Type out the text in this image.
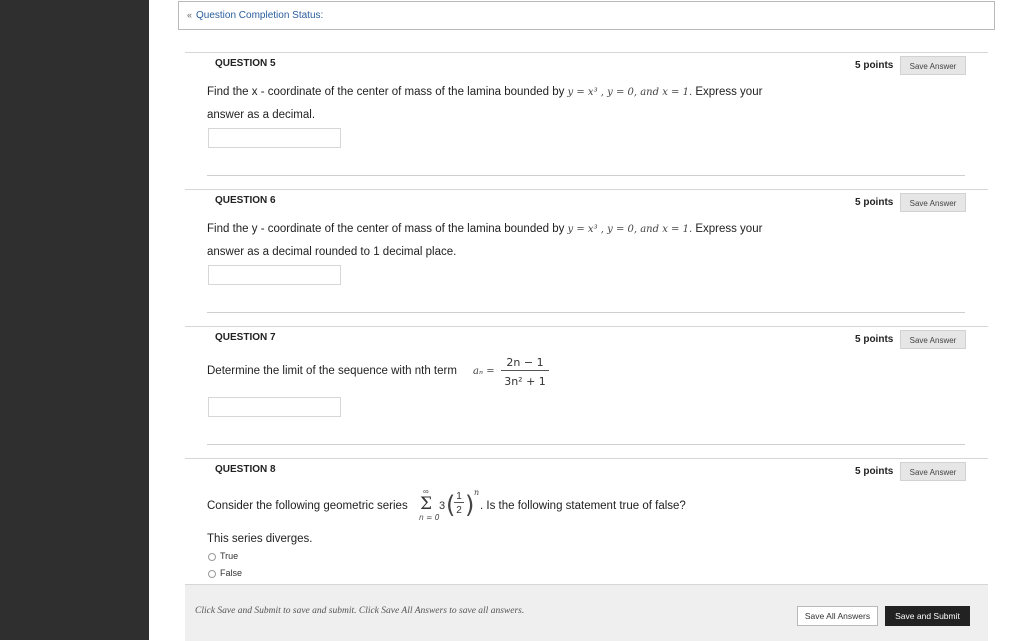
« Question Completion Status:
QUESTION 5	5 points	Save Answer
Find the x - coordinate of the center of mass of the lamina bounded by y = x³ , y = 0, and x = 1. Express your
answer as a decimal.
QUESTION 6	5 points	Save Answer
Find the y - coordinate of the center of mass of the lamina bounded by y = x³ , y = 0, and x = 1. Express your
answer as a decimal rounded to 1 decimal place.
QUESTION 7	5 points	Save Answer
Determine the limit of the sequence with nth term aₙ =
2n − 1
3n² + 1
QUESTION 8	5 points	Save Answer
Consider the following geometric series
∞
Σ
n = 0
3 ( 1
2 ) n
. Is the following statement true of false?
This series diverges.
True
False
Click Save and Submit to save and submit. Click Save All Answers to save all answers.	Save All Answers	Save and Submit
